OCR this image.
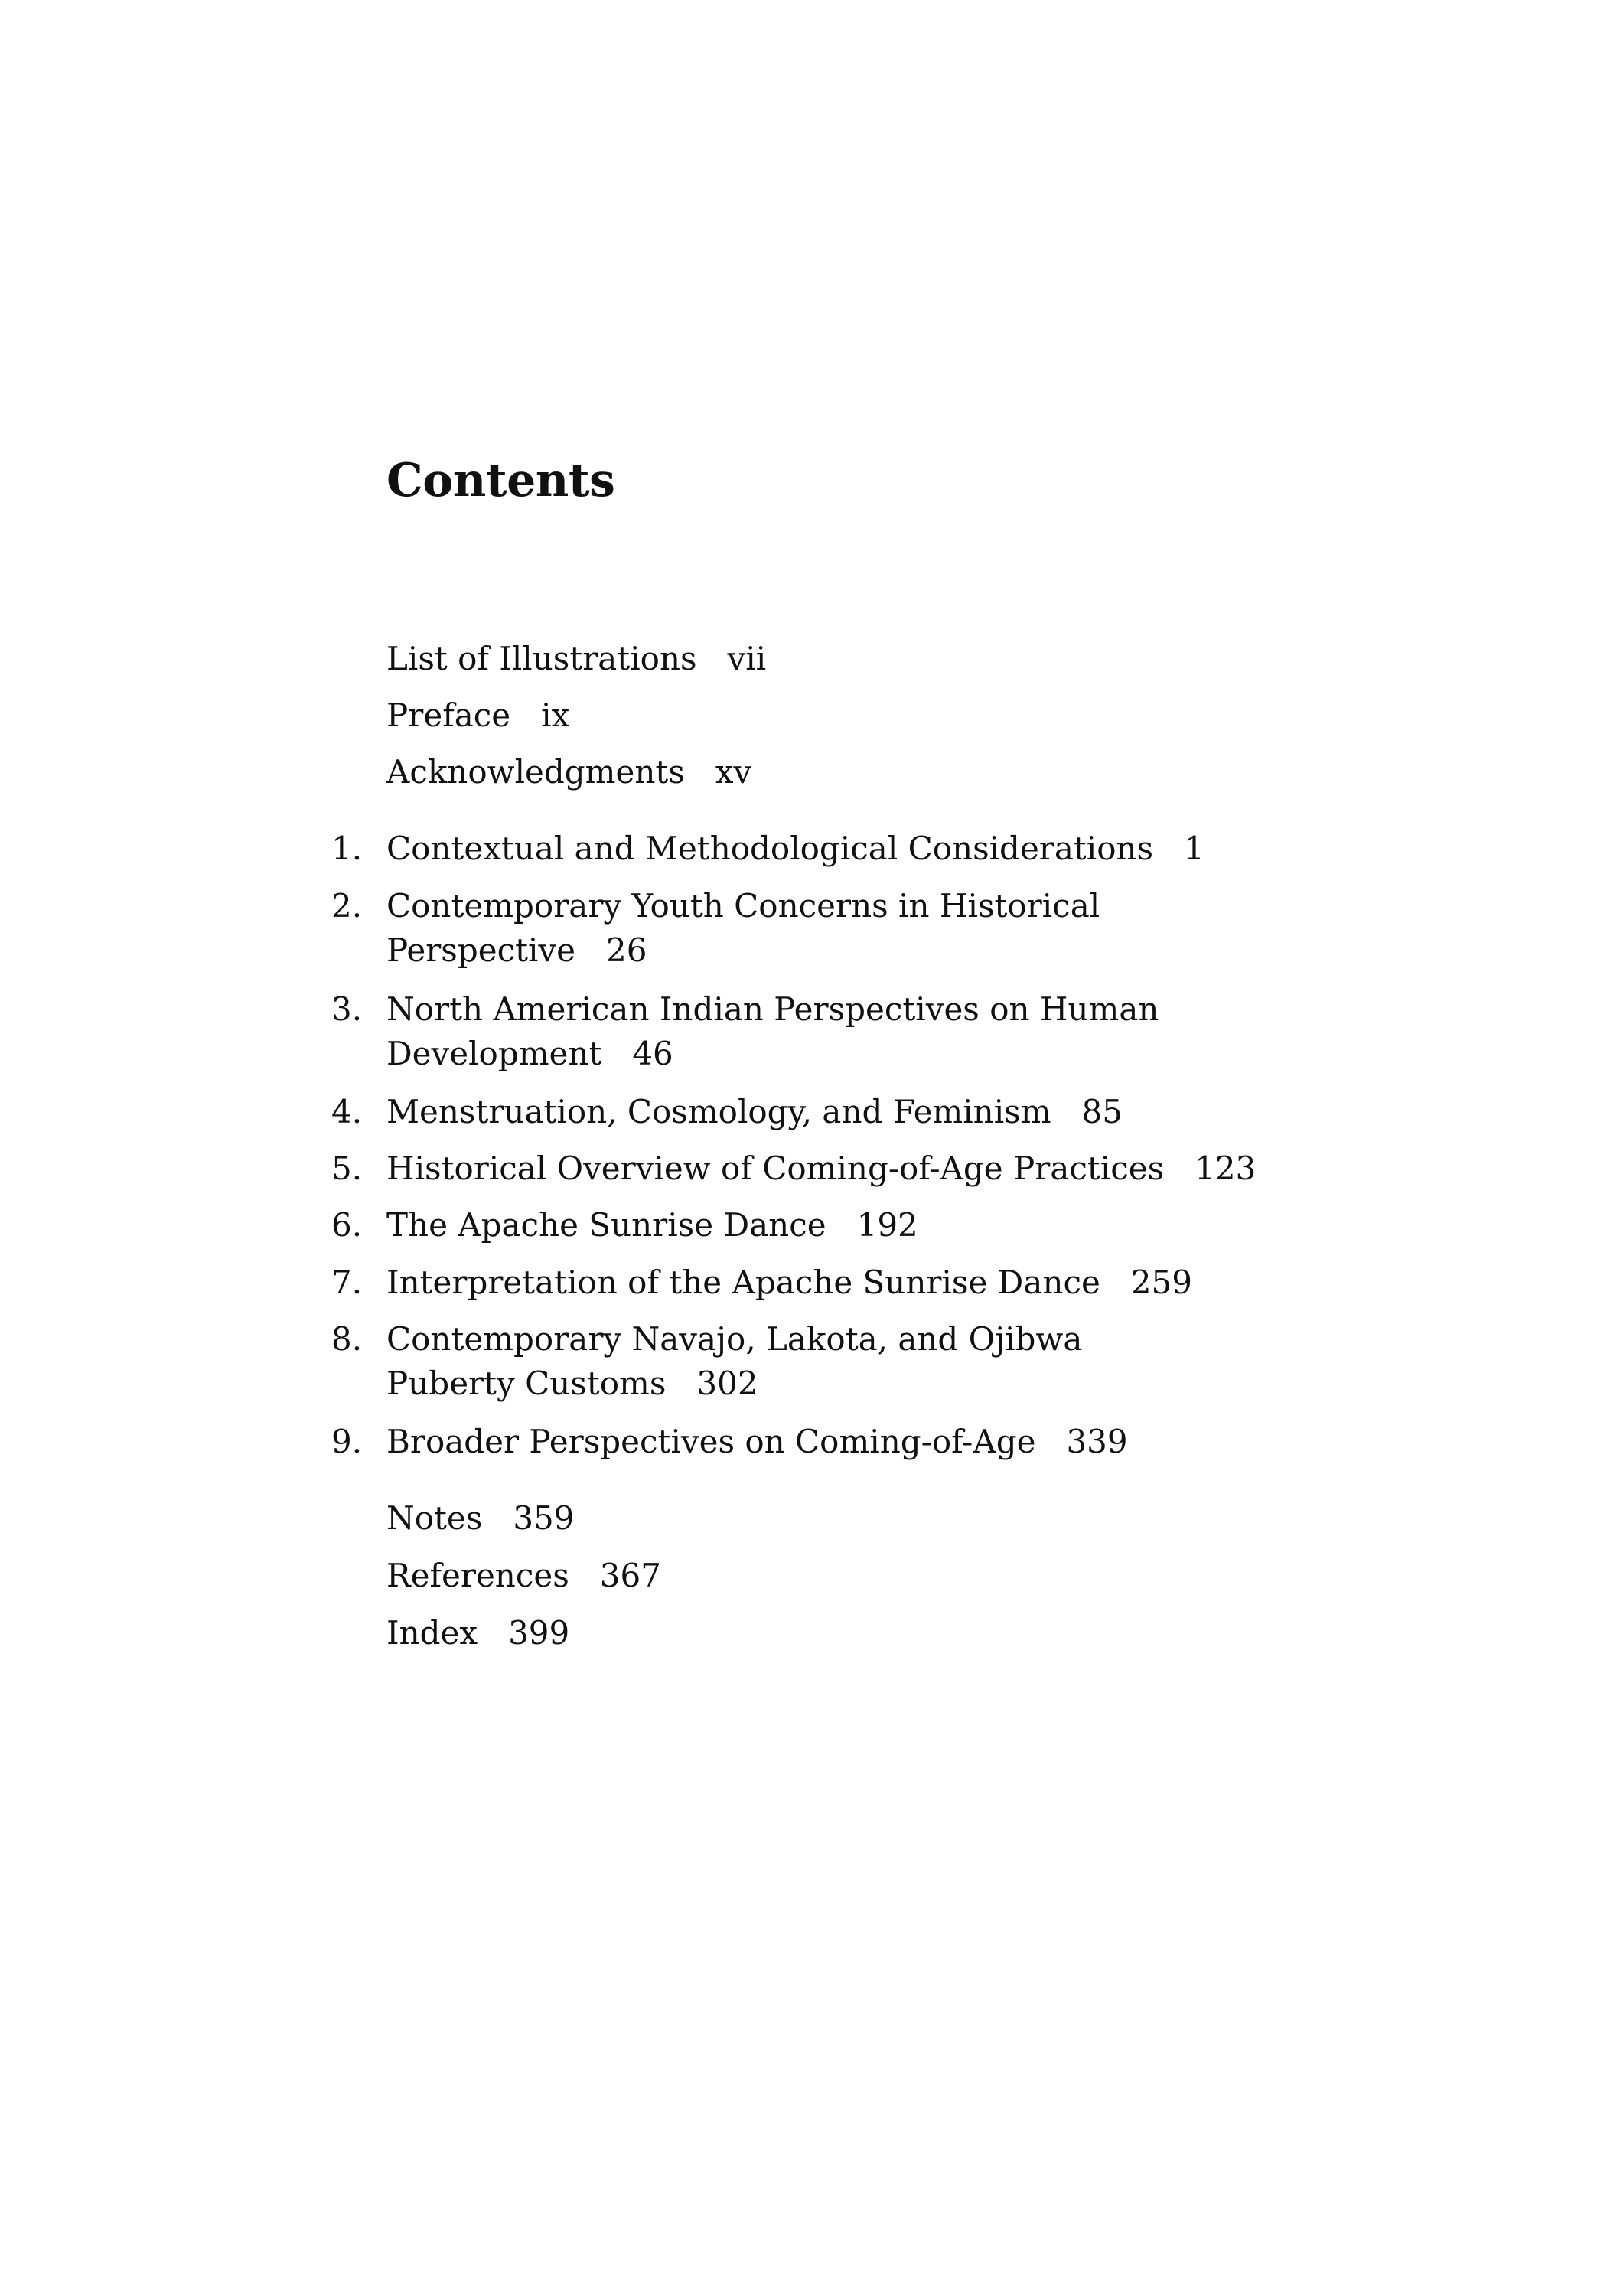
Contents
List of Illustrations vii
Preface ix
Acknowledgments xv
1. Contextual and Methodological Considerations 1
2. Contemporary Youth Concerns in Historical
Perspective 26
3. North American Indian Perspectives on Human
Development 46
4. Menstruation, Cosmology, and Feminism 85
5. Historical Overview of Coming-of-Age Practices 123
6. The Apache Sunrise Dance 192
7. Interpretation of the Apache Sunrise Dance 259
8. Contemporary Navajo, Lakota, and Ojibwa
Puberty Customs 302
9. Broader Perspectives on Coming-of-Age 339
Notes 359
References 367
Index 399
